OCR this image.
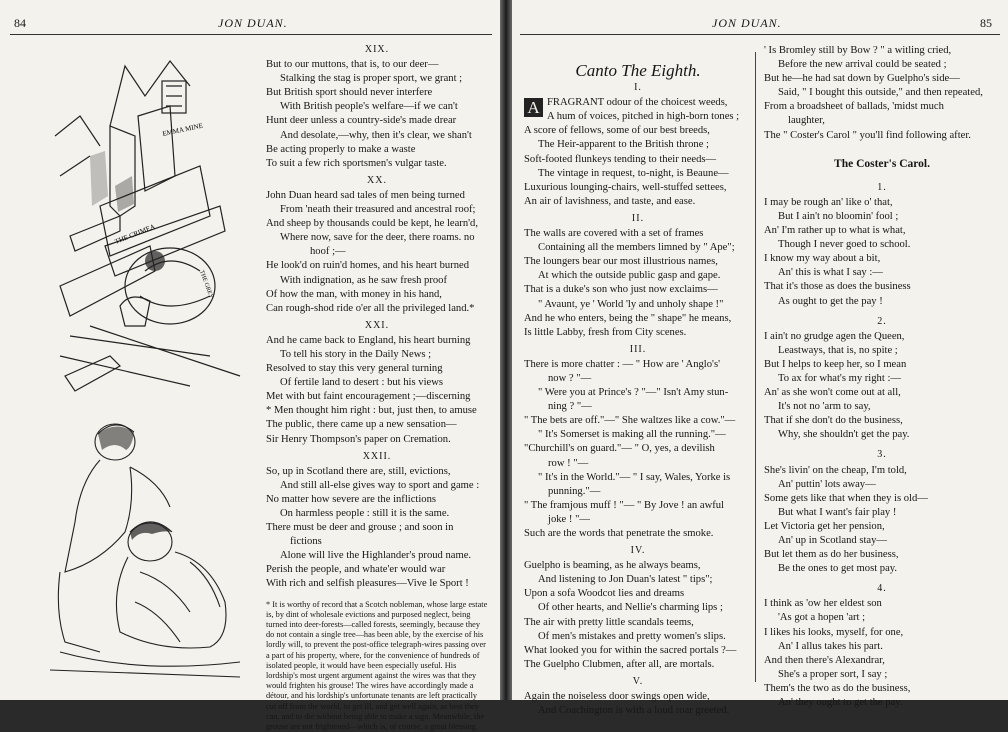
84	JON DUAN.
EMMA MINE
THE CRIMEA
THE GREY
XIX.
But to our muttons, that is, to our deer—
Stalking the stag is proper sport, we grant ;
But British sport should never interfere
With British people's welfare—if we can't
Hunt deer unless a country-side's made drear
And desolate,—why, then it's clear, we shan't
Be acting properly to make a waste
To suit a few rich sportsmen's vulgar taste.
XX.
John Duan heard sad tales of men being turned
From 'neath their treasured and ancestral roof;
And sheep by thousands could be kept, he learn'd,
Where now, save for the deer, there roams. no
hoof ;—
He look'd on ruin'd homes, and his heart burned
With indignation, as he saw fresh proof
Of how the man, with money in his hand,
Can rough-shod ride o'er all the privileged land.*
XXI.
And he came back to England, his heart burning
To tell his story in the Daily News ;
Resolved to stay this very general turning
Of fertile land to desert : but his views
Met with but faint encouragement ;—discerning
* Men thought him right : but, just then, to amuse
The public, there came up a new sensation—
Sir Henry Thompson's paper on Cremation.
XXII.
So, up in Scotland there are, still, evictions,
And still all-else gives way to sport and game :
No matter how severe are the inflictions
On harmless people : still it is the same.
There must be deer and grouse ; and soon in
fictions
Alone will live the Highlander's proud name.
Perish the people, and whate'er would war
With rich and selfish pleasures—Vive le Sport !
* It is worthy of record that a Scotch nobleman, whose large estate is, by dint of wholesale evictions and purposed neglect, being turned into deer-forests—called forests, seemingly, because they do not contain a single tree—has been able, by the exercise of his lordly will, to prevent the post-office telegraph-wires passing over a part of his property, where, for the convenience of hundreds of isolated people, it would have been especially useful. His lordship's most urgent argument against the wires was that they would frighten his grouse! The wires have accordingly made a détour, and his lordship's unfortunate tenants are left practically cut off from the world, to get ill, and get well again, as best they can, and to die without being able to make a sign. Meanwhile, the grouse are not frightened—which is, of course, a great blessing.
JON DUAN.	85
Canto The Eighth.
I.
A FRAGRANT odour of the choicest weeds,
A hum of voices, pitched in high-born tones ;
A score of fellows, some of our best breeds,
The Heir-apparent to the British throne ;
Soft-footed flunkeys tending to their needs—
The vintage in request, to-night, is Beaune—
Luxurious lounging-chairs, well-stuffed settees,
An air of lavishness, and taste, and ease.
II.
The walls are covered with a set of frames
Containing all the members limned by " Ape";
The loungers bear our most illustrious names,
At which the outside public gasp and gape.
That is a duke's son who just now exclaims—
" Avaunt, ye ' World 'ly and unholy shape !"
And he who enters, being the " shape" he means,
Is little Labby, fresh from City scenes.
III.
There is more chatter : — " How are ' Anglo's'
now ? "—
" Were you at Prince's ? "—" Isn't Amy stun-
ning ? "—
" The bets are off."—" She waltzes like a cow."—
" It's Somerset is making all the running."—
"Churchill's on guard."— " O, yes, a devilish
row ! "—
" It's in the World."— " I say, Wales, Yorke is
punning."—
" The framjous muff ! "— " By Jove ! an awful
joke ! "—
Such are the words that penetrate the smoke.
IV.
Guelpho is beaming, as he always beams,
And listening to Jon Duan's latest " tips";
Upon a sofa Woodcot lies and dreams
Of other hearts, and Nellie's charming lips ;
The air with pretty little scandals teems,
Of men's mistakes and pretty women's slips.
What looked you for within the sacred portals ?—
The Guelpho Clubmen, after all, are mortals.
V.
Again the noiseless door swings open wide,
And Coachington is with a loud roar greeted.
' Is Bromley still by Bow ? " a witling cried,
Before the new arrival could be seated ;
But he—he had sat down by Guelpho's side—
Said, " I bought this outside," and then repeated,
From a broadsheet of ballads, 'midst much
laughter,
The " Coster's Carol " you'll find following after.
The Coster's Carol.
1.
I may be rough an' like o' that,
But I ain't no bloomin' fool ;
An' I'm rather up to what is what,
Though I never goed to school.
I know my way about a bit,
An' this is what I say :—
That it's those as does the business
As ought to get the pay !
2.
I ain't no grudge agen the Queen,
Leastways, that is, no spite ;
But I helps to keep her, so I mean
To ax for what's my right :—
An' as she won't come out at all,
It's not no 'arm to say,
That if she don't do the business,
Why, she shouldn't get the pay.
3.
She's livin' on the cheap, I'm told,
An' puttin' lots away—
Some gets like that when they is old—
But what I want's fair play !
Let Victoria get her pension,
An' up in Scotland stay—
But let them as do her business,
Be the ones to get most pay.
4.
I think as 'ow her eldest son
'As got a hopen 'art ;
I likes his looks, myself, for one,
An' I allus takes his part.
And then there's Alexandrar,
She's a proper sort, I say ;
Them's the two as do the business,
An' they ought to get the pay.
